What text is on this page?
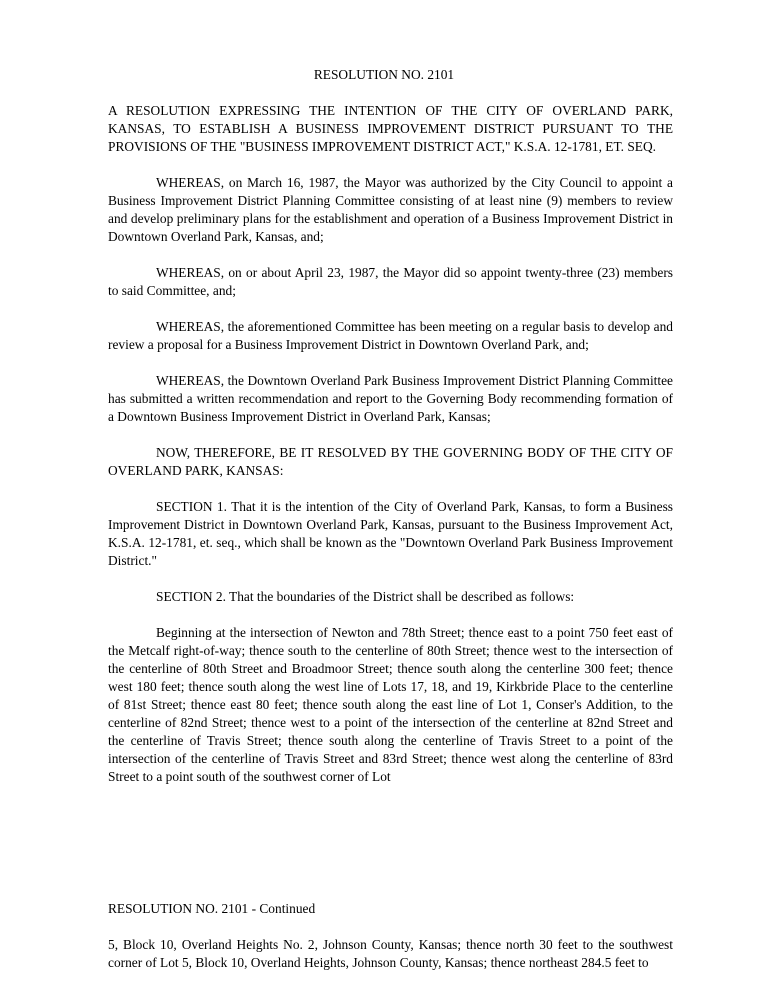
RESOLUTION NO. 2101

A RESOLUTION EXPRESSING THE INTENTION OF THE CITY OF OVERLAND PARK, KANSAS, TO ESTABLISH A BUSINESS IMPROVEMENT DISTRICT PURSUANT TO THE PROVISIONS OF THE "BUSINESS IMPROVEMENT DISTRICT ACT," K.S.A. 12-1781, ET. SEQ.

WHEREAS, on March 16, 1987, the Mayor was authorized by the City Council to appoint a Business Improvement District Planning Committee consisting of at least nine (9) members to review and develop preliminary plans for the establishment and operation of a Business Improvement District in Downtown Overland Park, Kansas, and;

WHEREAS, on or about April 23, 1987, the Mayor did so appoint twenty-three (23) members to said Committee, and;

WHEREAS, the aforementioned Committee has been meeting on a regular basis to develop and review a proposal for a Business Improvement District in Downtown Overland Park, and;

WHEREAS, the Downtown Overland Park Business Improvement District Planning Committee has submitted a written recommendation and report to the Governing Body recommending formation of a Downtown Business Improvement District in Overland Park, Kansas;

NOW, THEREFORE, BE IT RESOLVED BY THE GOVERNING BODY OF THE CITY OF OVERLAND PARK, KANSAS:

SECTION 1. That it is the intention of the City of Overland Park, Kansas, to form a Business Improvement District in Downtown Overland Park, Kansas, pursuant to the Business Improvement Act, K.S.A. 12-1781, et. seq., which shall be known as the "Downtown Overland Park Business Improvement District."

SECTION 2. That the boundaries of the District shall be described as follows:

Beginning at the intersection of Newton and 78th Street; thence east to a point 750 feet east of the Metcalf right-of-way; thence south to the centerline of 80th Street; thence west to the intersection of the centerline of 80th Street and Broadmoor Street; thence south along the centerline 300 feet; thence west 180 feet; thence south along the west line of Lots 17, 18, and 19, Kirkbride Place to the centerline of 81st Street; thence east 80 feet; thence south along the east line of Lot 1, Conser's Addition, to the centerline of 82nd Street; thence west to a point of the intersection of the centerline at 82nd Street and the centerline of Travis Street; thence south along the centerline of Travis Street to a point of the intersection of the centerline of Travis Street and 83rd Street; thence west along the centerline of 83rd Street to a point south of the southwest corner of Lot

RESOLUTION NO. 2101 - Continued

5, Block 10, Overland Heights No. 2, Johnson County, Kansas; thence north 30 feet to the southwest corner of Lot 5, Block 10, Overland Heights, Johnson County, Kansas; thence northeast 284.5 feet to
